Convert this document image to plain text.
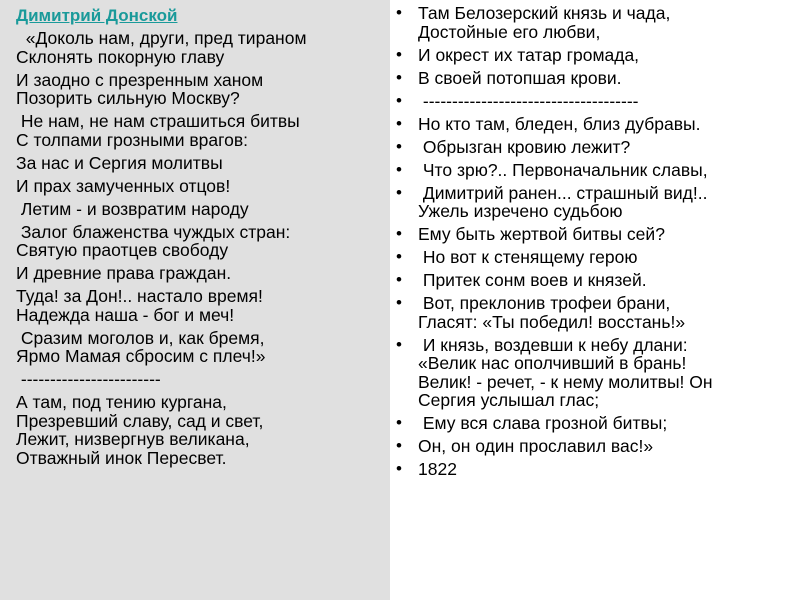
Димитрий Донской
«Доколь нам, други, пред тираном
Склонять покорную главу
И заодно с презренным ханом
Позорить сильную Москву?
Не нам, не нам страшиться битвы
С толпами грозными врагов:
За нас и Сергия молитвы
И прах замученных отцов!
Летим - и возвратим народу
Залог блаженства чуждых стран:
Святую праотцев свободу
И древние права граждан.
Туда! за Дон!.. настало время!
Надежда наша - бог и меч!
Сразим моголов и, как бремя,
Ярмо Мамая сбросим с плеч!»
------------------------
А там, под тению кургана,
Презревший славу, сад и свет,
Лежит, низвергнув великана,
Отважный инок Пересвет.
• Там Белозерский князь и чада,
Достойные его любви,
• И окрест их татар громада,
• В своей потопшая крови.
•  -------------------------------------
• Но кто там, бледен, близ дубравы.
•  Обрызган кровию лежит?
•  Что зрю?.. Первоначальник славы,
•  Димитрий ранен... страшный вид!..
Ужель изречено судьбою
• Ему быть жертвой битвы сей?
•  Но вот к стенящему герою
•  Притек сонм воев и князей.
•  Вот, преклонив трофеи брани,
Гласят: «Ты победил! восстань!»
•  И князь, воздевши к небу длани:
«Велик нас ополчивший в брань!
Велик! - речет, - к нему молитвы! Он
Сергия услышал глас;
•  Ему вся слава грозной битвы;
• Он, он один прославил вас!»
• 1822
